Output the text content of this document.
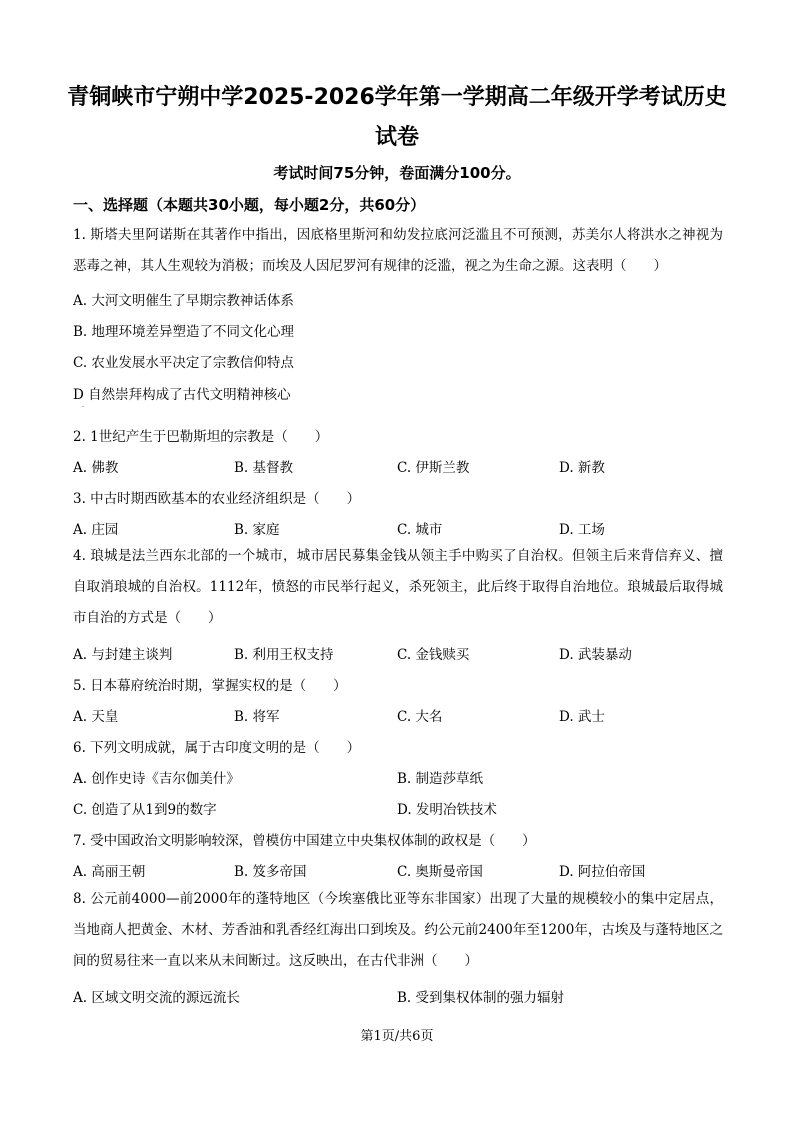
青铜峡市宁朔中学2025-2026学年第一学期高二年级开学考试历史试卷
考试时间75分钟，卷面满分100分。
一、选择题（本题共30小题，每小题2分，共60分）
1. 斯塔夫里阿诺斯在其著作中指出，因底格里斯河和幼发拉底河泛滥且不可预测，苏美尔人将洪水之神视为恶毒之神，其人生观较为消极；而埃及人因尼罗河有规律的泛滥，视之为生命之源。这表明（　　）
A. 大河文明催生了早期宗教神话体系
B. 地理环境差异塑造了不同文化心理
C. 农业发展水平决定了宗教信仰特点
D 自然崇拜构成了古代文明精神核心
·
2. 1世纪产生于巴勒斯坦的宗教是（　　）
A. 佛教	B. 基督教	C. 伊斯兰教	D. 新教
3. 中古时期西欧基本的农业经济组织是（　　）
A. 庄园	B. 家庭	C. 城市	D. 工场
4. 琅城是法兰西东北部的一个城市，城市居民募集金钱从领主手中购买了自治权。但领主后来背信弃义、擅自取消琅城的自治权。1112年，愤怒的市民举行起义，杀死领主，此后终于取得自治地位。琅城最后取得城市自治的方式是（　　）
A. 与封建主谈判	B. 利用王权支持	C. 金钱赎买	D. 武装暴动
5. 日本幕府统治时期，掌握实权的是（　　）
A. 天皇	B. 将军	C. 大名	D. 武士
6. 下列文明成就，属于古印度文明的是（　　）
A. 创作史诗《吉尔伽美什》	B. 制造莎草纸
C. 创造了从1到9的数字	D. 发明冶铁技术
7. 受中国政治文明影响较深，曾模仿中国建立中央集权体制的政权是（　　）
A. 高丽王朝	B. 笈多帝国	C. 奥斯曼帝国	D. 阿拉伯帝国
8. 公元前4000—前2000年的蓬特地区（今埃塞俄比亚等东非国家）出现了大量的规模较小的集中定居点，当地商人把黄金、木材、芳香油和乳香经红海出口到埃及。约公元前2400年至1200年，古埃及与蓬特地区之间的贸易往来一直以来从未间断过。这反映出，在古代非洲（　　）
A. 区域文明交流的源远流长	B. 受到集权体制的强力辐射
第1页/共6页
